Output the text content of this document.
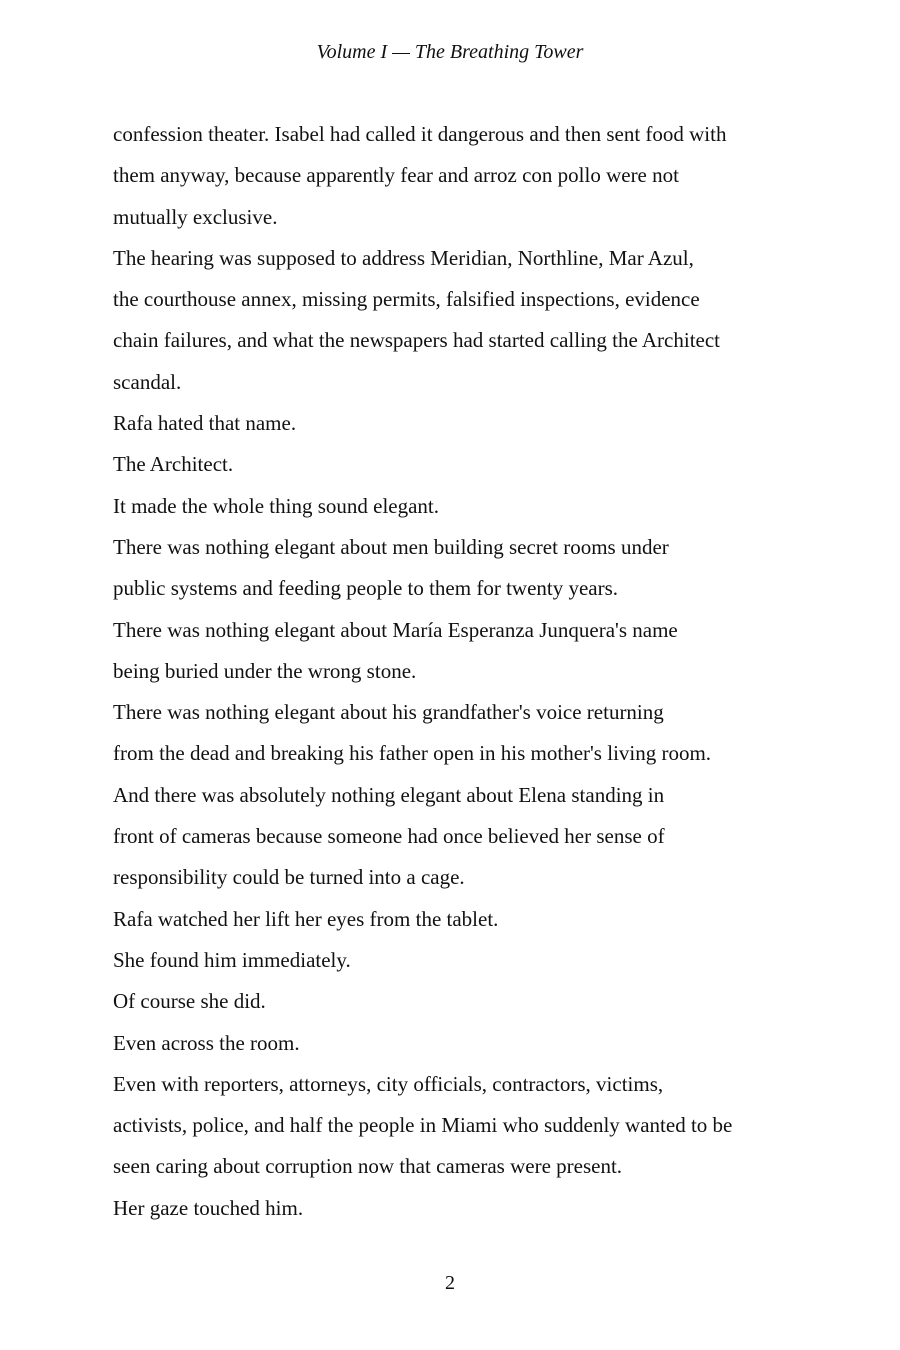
Volume I — The Breathing Tower
confession theater. Isabel had called it dangerous and then sent food with
them anyway, because apparently fear and arroz con pollo were not
mutually exclusive.
The hearing was supposed to address Meridian, Northline, Mar Azul,
the courthouse annex, missing permits, falsified inspections, evidence
chain failures, and what the newspapers had started calling the Architect
scandal.
Rafa hated that name.
The Architect.
It made the whole thing sound elegant.
There was nothing elegant about men building secret rooms under
public systems and feeding people to them for twenty years.
There was nothing elegant about María Esperanza Junquera's name
being buried under the wrong stone.
There was nothing elegant about his grandfather's voice returning
from the dead and breaking his father open in his mother's living room.
And there was absolutely nothing elegant about Elena standing in
front of cameras because someone had once believed her sense of
responsibility could be turned into a cage.
Rafa watched her lift her eyes from the tablet.
She found him immediately.
Of course she did.
Even across the room.
Even with reporters, attorneys, city officials, contractors, victims,
activists, police, and half the people in Miami who suddenly wanted to be
seen caring about corruption now that cameras were present.
Her gaze touched him.
2
